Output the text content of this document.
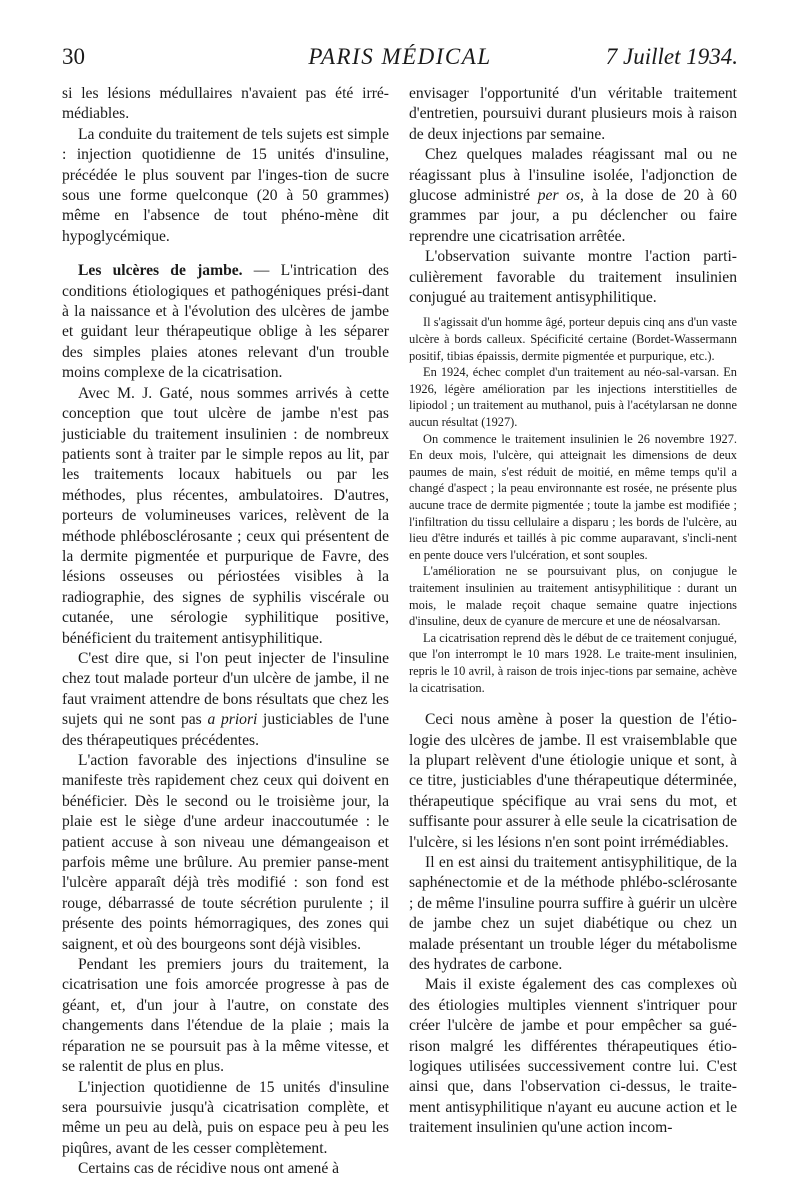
30	PARIS MÉDICAL	7 Juillet 1934.

si les lésions médullaires n'avaient pas été irré-médiables.

La conduite du traitement de tels sujets est simple : injection quotidienne de 15 unités d'insuline, précédée le plus souvent par l'inges-tion de sucre sous une forme quelconque (20 à 50 grammes) même en l'absence de tout phéno-mène dit hypoglycémique.

Les ulcères de jambe. — L'intrication des conditions étiologiques et pathogéniques prési-dant à la naissance et à l'évolution des ulcères de jambe et guidant leur thérapeutique oblige à les séparer des simples plaies atones relevant d'un trouble moins complexe de la cicatrisation.

Avec M. J. Gaté, nous sommes arrivés à cette conception que tout ulcère de jambe n'est pas justiciable du traitement insulinien : de nombreux patients sont à traiter par le simple repos au lit, par les traitements locaux habituels ou par les méthodes, plus récentes, ambulatoires. D'autres, porteurs de volumineuses varices, relèvent de la méthode phlébosclérosante ; ceux qui présentent de la dermite pigmentée et purpurique de Favre, des lésions osseuses ou périostées visibles à la radiographie, des signes de syphilis viscérale ou cutanée, une sérologie syphilitique positive, bénéficient du traitement antisyphilitique.

C'est dire que, si l'on peut injecter de l'insuline chez tout malade porteur d'un ulcère de jambe, il ne faut vraiment attendre de bons résultats que chez les sujets qui ne sont pas a priori justiciables de l'une des thérapeutiques précédentes.

L'action favorable des injections d'insuline se manifeste très rapidement chez ceux qui doivent en bénéficier. Dès le second ou le troisième jour, la plaie est le siège d'une ardeur inaccoutumée : le patient accuse à son niveau une démangeaison et parfois même une brûlure. Au premier panse-ment l'ulcère apparaît déjà très modifié : son fond est rouge, débarrassé de toute sécrétion purulente ; il présente des points hémorragiques, des zones qui saignent, et où des bourgeons sont déjà visibles.

Pendant les premiers jours du traitement, la cicatrisation une fois amorcée progresse à pas de géant, et, d'un jour à l'autre, on constate des changements dans l'étendue de la plaie ; mais la réparation ne se poursuit pas à la même vitesse, et se ralentit de plus en plus.

L'injection quotidienne de 15 unités d'insuline sera poursuivie jusqu'à cicatrisation complète, et même un peu au delà, puis on espace peu à peu les piqûres, avant de les cesser complètement.

Certains cas de récidive nous ont amené à

envisager l'opportunité d'un véritable traitement d'entretien, poursuivi durant plusieurs mois à raison de deux injections par semaine.

Chez quelques malades réagissant mal ou ne réagissant plus à l'insuline isolée, l'adjonction de glucose administré per os, à la dose de 20 à 60 grammes par jour, a pu déclencher ou faire reprendre une cicatrisation arrêtée.

L'observation suivante montre l'action parti-culièrement favorable du traitement insulinien conjugué au traitement antisyphilitique.

Il s'agissait d'un homme âgé, porteur depuis cinq ans d'un vaste ulcère à bords calleux. Spécificité certaine (Bordet-Wassermann positif, tibias épaissis, dermite pigmentée et purpurique, etc.).

En 1924, échec complet d'un traitement au néo-sal-varsan. En 1926, légère amélioration par les injections interstitielles de lipiodol ; un traitement au muthanol, puis à l'acétylarsan ne donne aucun résultat (1927).

On commence le traitement insulinien le 26 novembre 1927. En deux mois, l'ulcère, qui atteignait les dimensions de deux paumes de main, s'est réduit de moitié, en même temps qu'il a changé d'aspect ; la peau environnante est rosée, ne présente plus aucune trace de dermite pigmentée ; toute la jambe est modifiée ; l'infiltration du tissu cellulaire a disparu ; les bords de l'ulcère, au lieu d'être indurés et taillés à pic comme auparavant, s'incli-nent en pente douce vers l'ulcération, et sont souples.

L'amélioration ne se poursuivant plus, on conjugue le traitement insulinien au traitement antisyphilitique : durant un mois, le malade reçoit chaque semaine quatre injections d'insuline, deux de cyanure de mercure et une de néosalvarsan.

La cicatrisation reprend dès le début de ce traitement conjugué, que l'on interrompt le 10 mars 1928. Le traite-ment insulinien, repris le 10 avril, à raison de trois injec-tions par semaine, achève la cicatrisation.

Ceci nous amène à poser la question de l'étio-logie des ulcères de jambe. Il est vraisemblable que la plupart relèvent d'une étiologie unique et sont, à ce titre, justiciables d'une thérapeutique déterminée, thérapeutique spécifique au vrai sens du mot, et suffisante pour assurer à elle seule la cicatrisation de l'ulcère, si les lésions n'en sont point irrémédiables.

Il en est ainsi du traitement antisyphilitique, de la saphénectomie et de la méthode phlébo-sclérosante ; de même l'insuline pourra suffire à guérir un ulcère de jambe chez un sujet diabétique ou chez un malade présentant un trouble léger du métabolisme des hydrates de carbone.

Mais il existe également des cas complexes où des étiologies multiples viennent s'intriquer pour créer l'ulcère de jambe et pour empêcher sa gué-rison malgré les différentes thérapeutiques étio-logiques utilisées successivement contre lui. C'est ainsi que, dans l'observation ci-dessus, le traite-ment antisyphilitique n'ayant eu aucune action et le traitement insulinien qu'une action incom-
